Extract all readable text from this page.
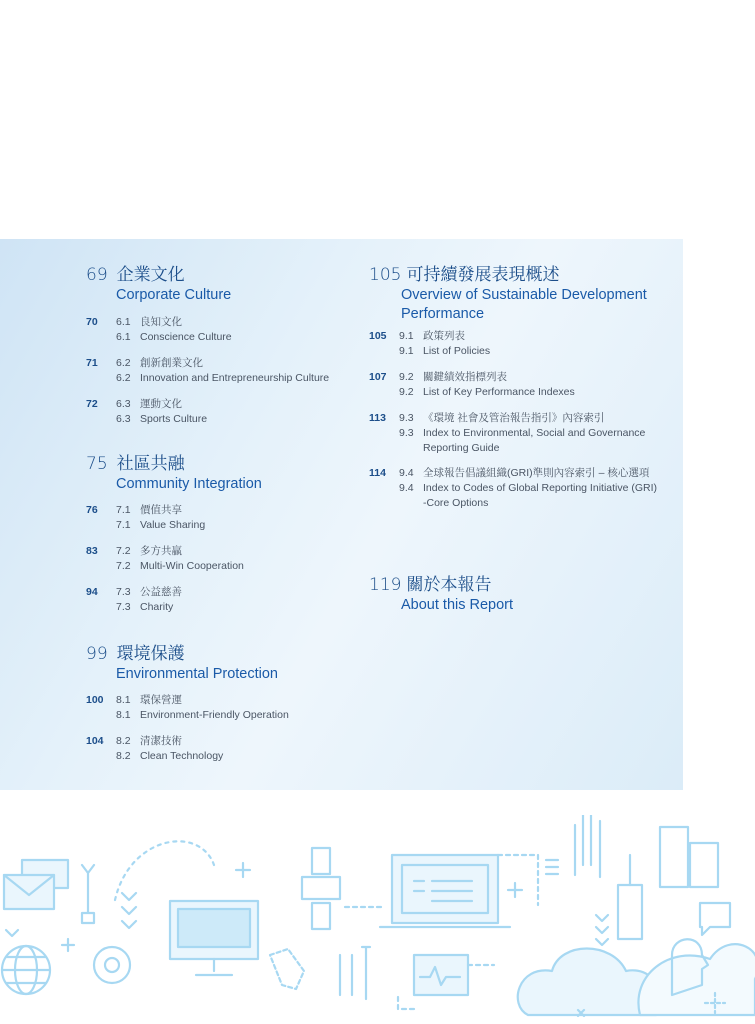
69 企業文化
Corporate Culture
70 6.1 良知文化
6.1 Conscience Culture
71 6.2 創新創業文化
6.2 Innovation and Entrepreneurship Culture
72 6.3 運動文化
6.3 Sports Culture
75 社區共融
Community Integration
76 7.1 價值共享
7.1 Value Sharing
83 7.2 多方共贏
7.2 Multi-Win Cooperation
94 7.3 公益慈善
7.3 Charity
99 環境保護
Environmental Protection
100 8.1 環保營運
8.1 Environment-Friendly Operation
104 8.2 清潔技術
8.2 Clean Technology
105 可持續發展表現概述
Overview of Sustainable Development
Performance
105 9.1 政策列表
9.1 List of Policies
107 9.2 關鍵績效指標列表
9.2 List of Key Performance Indexes
113 9.3 《環境 社會及管治報告指引》內容索引
9.3 Index to Environmental, Social and Governance
Reporting Guide
114 9.4 全球報告倡議組織(GRI)準則內容索引 – 核心選項
9.4 Index to Codes of Global Reporting Initiative (GRI)
-Core Options
119 關於本報告
About this Report
